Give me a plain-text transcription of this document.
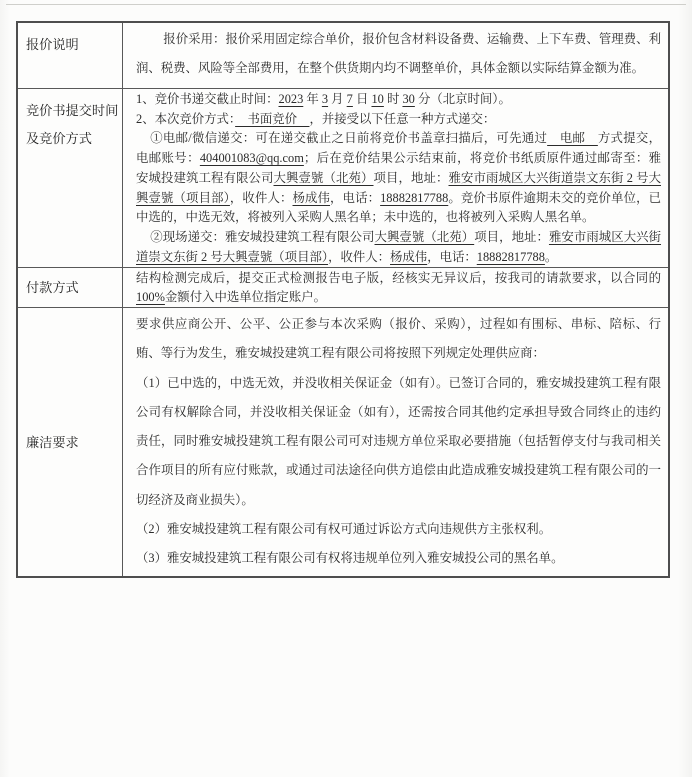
报价说明	报价采用：报价采用固定综合单价，报价包含材料设备费、运输费、上下车费、管理费、利润、税费、风险等全部费用，在整个供货期内均不调整单价，具体金额以实际结算金额为准。

竞价书提交时间
及竞价方式

1、竞价书递交截止时间：2023 年 3 月 7 日 10 时 30 分（北京时间）。

2、本次竞价方式：　书面竞价　，并接受以下任意一种方式递交：

①电邮/微信递交：可在递交截止之日前将竞价书盖章扫描后，可先通过　电邮　方式提交，电邮账号：404001083@qq.com；后在竞价结果公示结束前，将竞价书纸质原件通过邮寄至：雅安城投建筑工程有限公司大興壹號（北苑）项目，地址：雅安市雨城区大兴街道崇文东街 2 号大興壹號（项目部），收件人：杨成伟，电话：18882817788。竞价书原件逾期未交的竞价单位，已中选的，中选无效，将被列入采购人黑名单；未中选的，也将被列入采购人黑名单。

②现场递交：雅安城投建筑工程有限公司大興壹號（北苑）项目，地址：雅安市雨城区大兴街道崇文东街 2 号大興壹號（项目部），收件人：杨成伟，电话：18882817788。

付款方式

结构检测完成后，提交正式检测报告电子版，经核实无异议后，按我司的请款要求，以合同的 100%金额付入中选单位指定账户。

廉洁要求

要求供应商公开、公平、公正参与本次采购（报价、采购），过程如有围标、串标、陪标、行贿、等行为发生，雅安城投建筑工程有限公司将按照下列规定处理供应商：

（1）已中选的，中选无效，并没收相关保证金（如有）。已签订合同的，雅安城投建筑工程有限公司有权解除合同，并没收相关保证金（如有），还需按合同其他约定承担导致合同终止的违约责任，同时雅安城投建筑工程有限公司可对违规方单位采取必要措施（包括暂停支付与我司相关合作项目的所有应付账款，或通过司法途径向供方追偿由此造成雅安城投建筑工程有限公司的一切经济及商业损失）。

（2）雅安城投建筑工程有限公司有权可通过诉讼方式向违规供方主张权利。

（3）雅安城投建筑工程有限公司有权将违规单位列入雅安城投公司的黑名单。
